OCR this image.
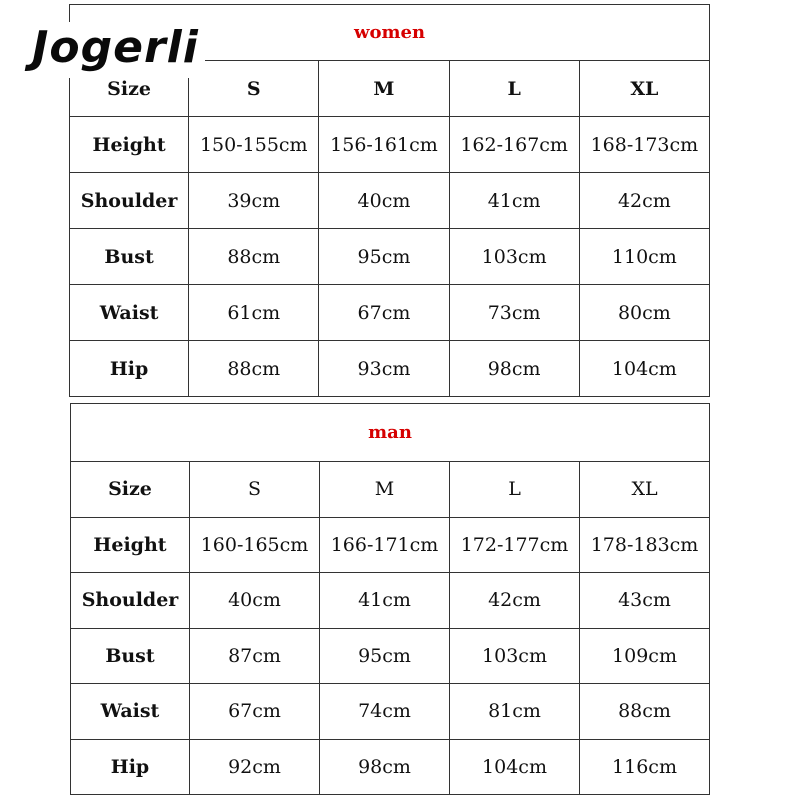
Jogerli	women				
Size	S	M	L	XL
Height	150-155cm	156-161cm	162-167cm	168-173cm
Shoulder	39cm	40cm	41cm	42cm
Bust	88cm	95cm	103cm	110cm
Waist	61cm	67cm	73cm	80cm
Hip	88cm	93cm	98cm	104cm
man				
Size	S	M	L	XL
Height	160-165cm	166-171cm	172-177cm	178-183cm
Shoulder	40cm	41cm	42cm	43cm
Bust	87cm	95cm	103cm	109cm
Waist	67cm	74cm	81cm	88cm
Hip	92cm	98cm	104cm	116cm
